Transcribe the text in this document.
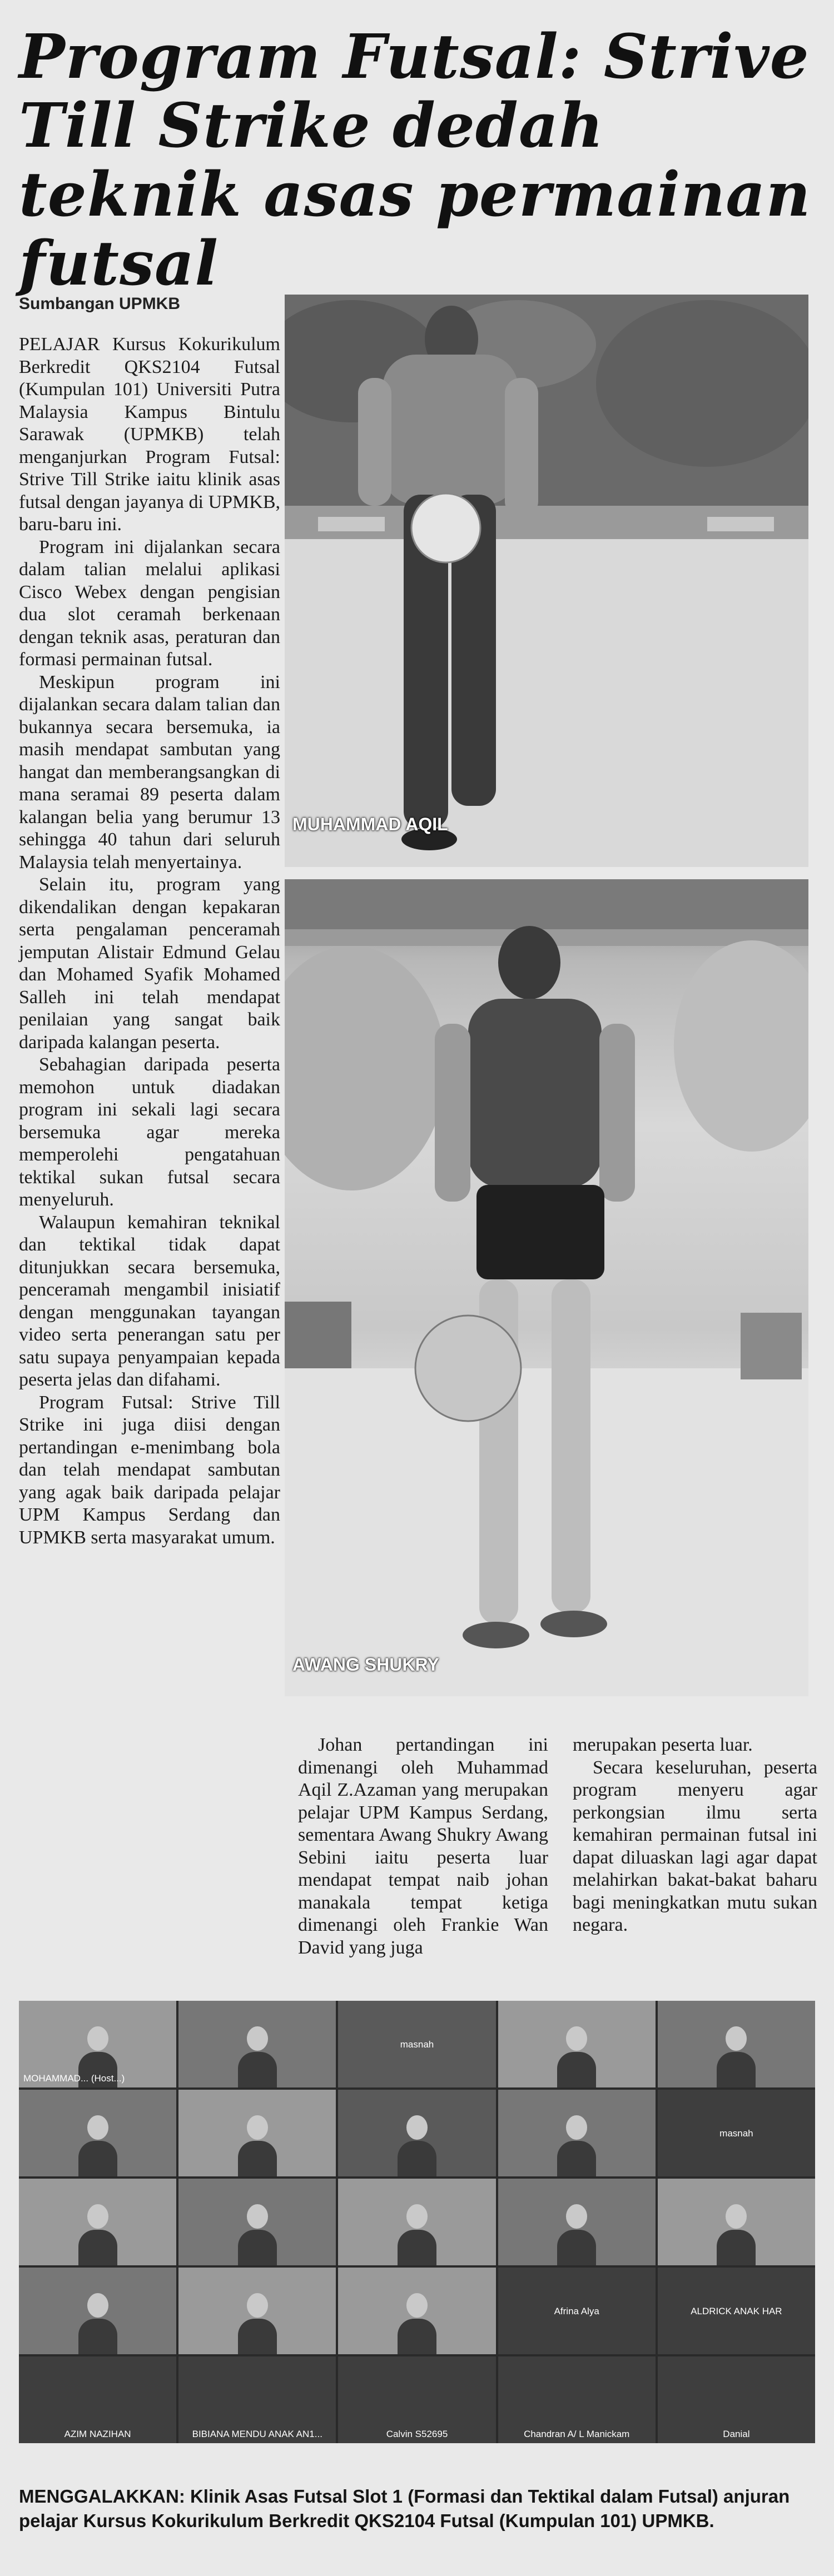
Program Futsal: Strive Till Strike dedah teknik asas permainan futsal
Sumbangan UPMKB

PELAJAR Kursus Kokurikulum Berkredit QKS2104 Futsal (Kumpulan 101) Universiti Putra Malaysia Kampus Bintulu Sarawak (UPMKB) telah menganjurkan Program Futsal: Strive Till Strike iaitu klinik asas futsal dengan jayanya di UPMKB, baru-baru ini.

Program ini dijalankan secara dalam talian melalui aplikasi Cisco Webex dengan pengisian dua slot ceramah berkenaan dengan teknik asas, peraturan dan formasi permainan futsal.

Meskipun program ini dijalankan secara dalam talian dan bukannya secara bersemuka, ia masih mendapat sambutan yang hangat dan memberangsangkan di mana seramai 89 peserta dalam kalangan belia yang berumur 13 sehingga 40 tahun dari seluruh Malaysia telah menyertainya.

Selain itu, program yang dikendalikan dengan kepakaran serta pengalaman penceramah jemputan Alistair Edmund Gelau dan Mohamed Syafik Mohamed Salleh ini telah mendapat penilaian yang sangat baik daripada kalangan peserta.

Sebahagian daripada peserta memohon untuk diadakan program ini sekali lagi secara bersemuka agar mereka memperolehi pengatahuan tektikal sukan futsal secara menyeluruh.

Walaupun kemahiran teknikal dan tektikal tidak dapat ditunjukkan secara bersemuka, penceramah mengambil inisiatif dengan menggunakan tayangan video serta penerangan satu per satu supaya penyampaian kepada peserta jelas dan difahami.

Program Futsal: Strive Till Strike ini juga diisi dengan pertandingan e-menimbang bola dan telah mendapat sambutan yang agak baik daripada pelajar UPM Kampus Serdang dan UPMKB serta masyarakat umum.

MUHAMMAD AQIL
AWANG SHUKRY

Johan pertandingan ini dimenangi oleh Muhammad Aqil Z.Azaman yang merupakan pelajar UPM Kampus Serdang, sementara Awang Shukry Awang Sebini iaitu peserta luar mendapat tempat naib johan manakala tempat ketiga dimenangi oleh Frankie Wan David yang juga

merupakan peserta luar.

Secara keseluruhan, peserta program menyeru agar perkongsian ilmu serta kemahiran permainan futsal ini dapat diluaskan lagi agar dapat melahirkan bakat-bakat baharu bagi meningkatkan mutu sukan negara.

MOHAMMAD... (Host...)
masnah
masnah
Afrina Alya	ALDRICK ANAK HAR
AZIM NAZIHAN	BIBIANA MENDU ANAK AN1...	Calvin S52695	Chandran A/ L Manickam	Danial
MENGGALAKKAN: Klinik Asas Futsal Slot 1 (Formasi dan Tektikal dalam Futsal) anjuran pelajar Kursus Kokurikulum Berkredit QKS2104 Futsal (Kumpulan 101) UPMKB.
